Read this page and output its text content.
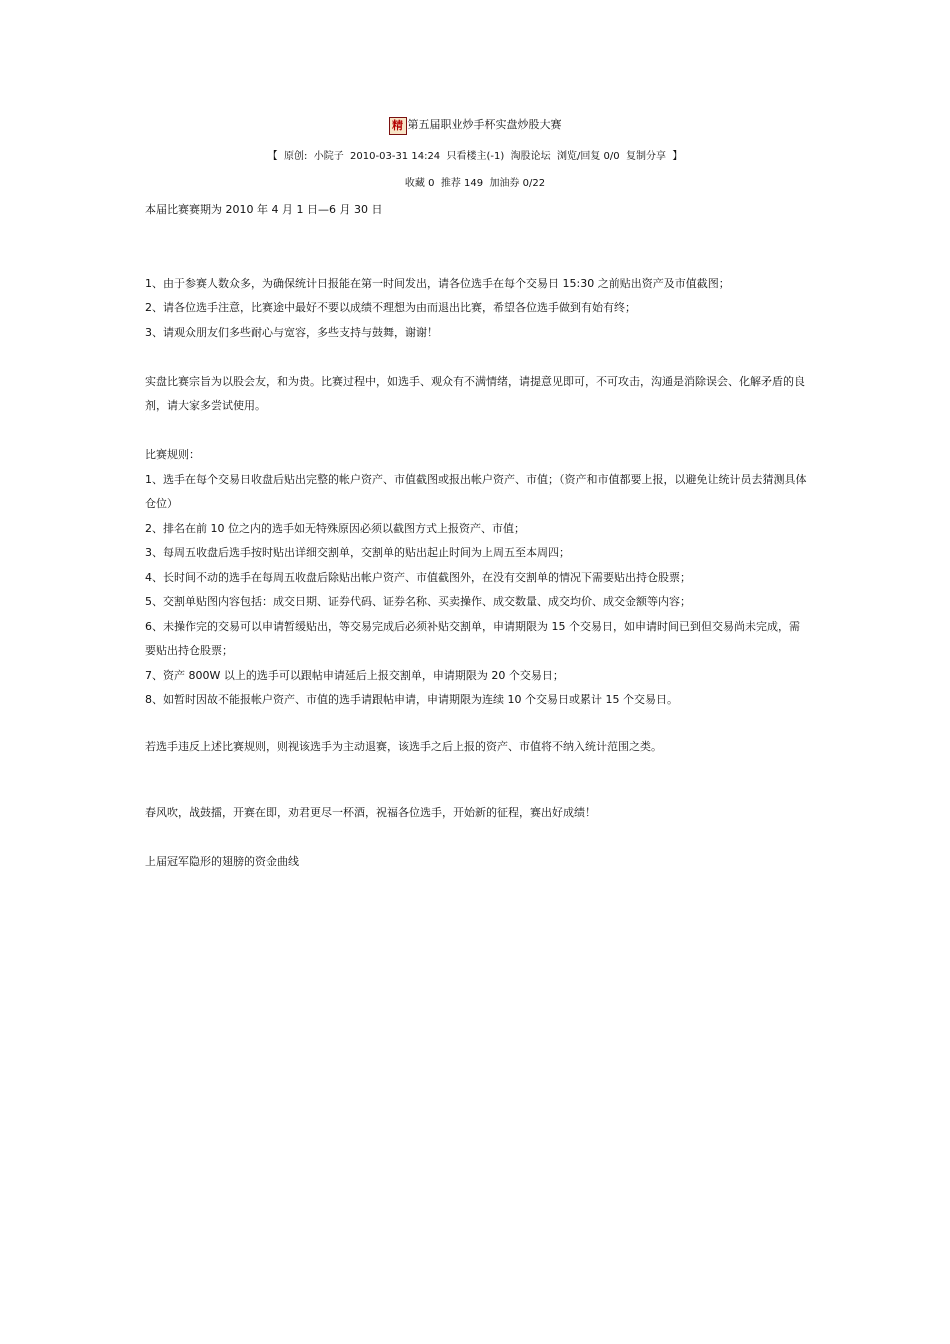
精 第五届职业炒手杯实盘炒股大赛
【  原创:  小院子  2010-03-31 14:24  只看楼主(-1)  淘股论坛  浏览/回复 0/0  复制分享  】
收藏 0  推荐 149  加油券 0/22

本届比赛赛期为 2010 年 4 月 1 日—6 月 30 日

1、由于参赛人数众多，为确保统计日报能在第一时间发出，请各位选手在每个交易日 15:30 之前贴出资产及市值截图；

2、请各位选手注意，比赛途中最好不要以成绩不理想为由而退出比赛，希望各位选手做到有始有终；

3、请观众朋友们多些耐心与宽容，多些支持与鼓舞，谢谢！

实盘比赛宗旨为以股会友，和为贵。比赛过程中，如选手、观众有不满情绪，请提意见即可，不可攻击，沟通是消除误会、化解矛盾的良剂，请大家多尝试使用。

比赛规则：

1、选手在每个交易日收盘后贴出完整的帐户资产、市值截图或报出帐户资产、市值；（资产和市值都要上报，以避免让统计员去猜测具体仓位）

2、排名在前 10 位之内的选手如无特殊原因必须以截图方式上报资产、市值；

3、每周五收盘后选手按时贴出详细交割单，交割单的贴出起止时间为上周五至本周四；

4、长时间不动的选手在每周五收盘后除贴出帐户资产、市值截图外，在没有交割单的情况下需要贴出持仓股票；

5、交割单贴图内容包括：成交日期、证券代码、证券名称、买卖操作、成交数量、成交均价、成交金额等内容；

6、未操作完的交易可以申请暂缓贴出，等交易完成后必须补贴交割单，申请期限为 15 个交易日，如申请时间已到但交易尚未完成，需要贴出持仓股票；

7、资产 800W 以上的选手可以跟帖申请延后上报交割单，申请期限为 20 个交易日；

8、如暂时因故不能报帐户资产、市值的选手请跟帖申请，申请期限为连续 10 个交易日或累计 15 个交易日。

若选手违反上述比赛规则，则视该选手为主动退赛，该选手之后上报的资产、市值将不纳入统计范围之类。

春风吹，战鼓擂，开赛在即，劝君更尽一杯酒，祝福各位选手，开始新的征程，赛出好成绩！

上届冠军隐形的翅膀的资金曲线
